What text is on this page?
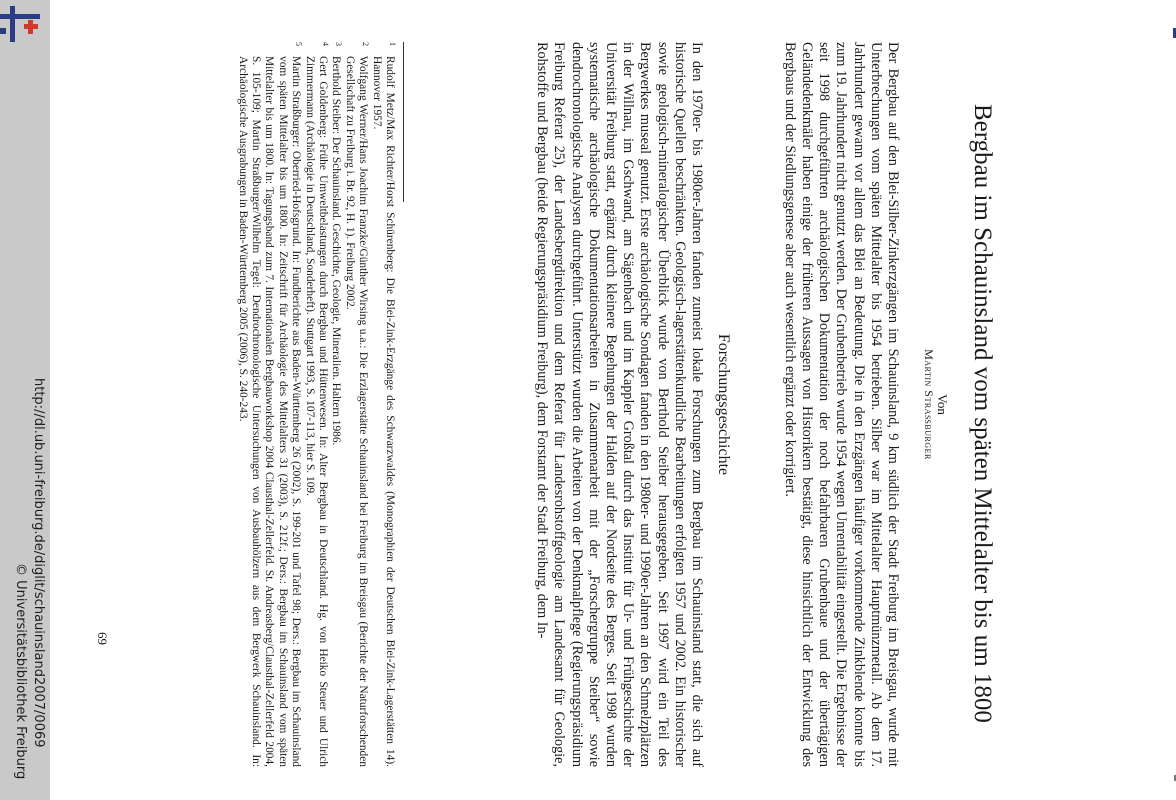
http://dl.ub.uni-freiburg.de/diglit/schauinsland2007/0069
© Universitätsbibliothek Freiburg	Bergbau im Schauinsland vom späten Mittelalter bis um 1800
Von
Martin Straßburger
Der Bergbau auf den Blei-Silber-Zinkerzgängen im Schauinsland, 9 km südlich der Stadt Freiburg im Breisgau, wurde mit Unterbrechungen vom späten Mittelalter bis 1954 betrieben. Silber war im Mittelalter Hauptmünzmetall. Ab dem 17. Jahrhundert gewann vor allem das Blei an Bedeutung. Die in den Erzgängen häufiger vorkommende Zinkblende konnte bis zum 19. Jahrhundert nicht genutzt werden. Der Grubenbetrieb wurde 1954 wegen Unrentabilität eingestellt. Die Ergebnisse der seit 1998 durchgeführten archäologischen Dokumentation der noch befahrbaren Grubenbaue und der übertägigen Geländedenkmäler haben einige der früheren Aussagen von Historikern bestätigt, diese hinsichtlich der Entwicklung des Bergbaus und der Siedlungsgenese aber auch wesentlich ergänzt oder korrigiert.
Forschungsgeschichte
In den 1970er- bis 1980er-Jahren fanden zumeist lokale Forschungen zum Bergbau im Schauinsland statt, die sich auf historische Quellen beschränkten. Geologisch-lagerstättenkundliche Bearbeitungen erfolgten 1957 und 2002. Ein historischer sowie geologisch-mineralogischer Überblick wurde von Berthold Steiber herausgegeben. Seit 1997 wird ein Teil des Bergwerkes museal genutzt. Erste archäologische Sondagen fanden in den 1980er- und 1990er-Jahren an den Schmelzplätzen in der Willnau, im Gschwand, am Sägenbach und im Kappler Großtal durch das Institut für Ur- und Frühgeschichte der Universität Freiburg statt, ergänzt durch kleinere Begehungen der Halden auf der Nordseite des Berges. Seit 1998 wurden systematische archäologische Dokumentationsarbeiten in Zusammenarbeit mit der „Forschergruppe Steiber“ sowie dendrochronologische Analysen durchgeführt. Unterstützt wurden die Arbeiten von der Denkmalpflege (Regierungspräsidium Freiburg Referat 25), der Landesbergdirektion und dem Referat für Landesrohstoffgeologie am Landesamt für Geologie, Rohstoffe und Bergbau (beide Regierungspräsidium Freiburg), dem Forstamt der Stadt Freiburg, dem In-

1
Rudolf Metz/Max Richter/Horst Schürenberg: Die Blei-Zink-Erzgänge des Schwarzwaldes (Monographien der Deutschen Blei-Zink-Lagerstätten 14). Hannover 1957.

2
Wolfgang Werner/Hans Joachim Franzke/Günther Wirsing u.a.: Die Erzlagerstätte Schauinsland bei Freiburg im Breisgau (Berichte der Naturforschenden Gesellschaft zu Freiburg i. Br. 92, H. 1). Freiburg 2002.

3
Berthold Steiber: Der Schauinsland. Geschichte, Geologie, Mineralien. Haltern 1986.

4
Gert Goldenberg: Frühe Umweltbelastungen durch Bergbau und Hüttenwesen. In: Alter Bergbau in Deutschland. Hg. von Heiko Steuer und Ulrich Zimmermann (Archäologie in Deutschland, Sonderheft). Stuttgart 1993, S. 107-113, hier S. 109.

5
Martin Straßburger: Oberried-Hofsgrund. In: Fundberichte aus Baden-Württemberg 26 (2002), S. 199-201 und Tafel 98; Ders.: Bergbau im Schauinsland vom späten Mittelalter bis um 1800. In: Zeitschrift für Archäologie des Mittelalters 31 (2003), S. 212f.; Ders.: Bergbau im Schauinsland vom späten Mittelalter bis um 1800. In: Tagungsband zum 7. Internationalen Bergbauworkshop 2004 Clausthal-Zellerfeld. St. Andreasberg/Clausthal-Zellerfeld 2004, S. 105-109; Martin Straßburger/Wilhelm Tegel: Dendrochronologische Untersuchungen von Ausbauhölzern aus dem Bergwerk Schauinsland. In: Archäologische Ausgrabungen in Baden-Württemberg 2005 (2006), S. 240-243.

69
